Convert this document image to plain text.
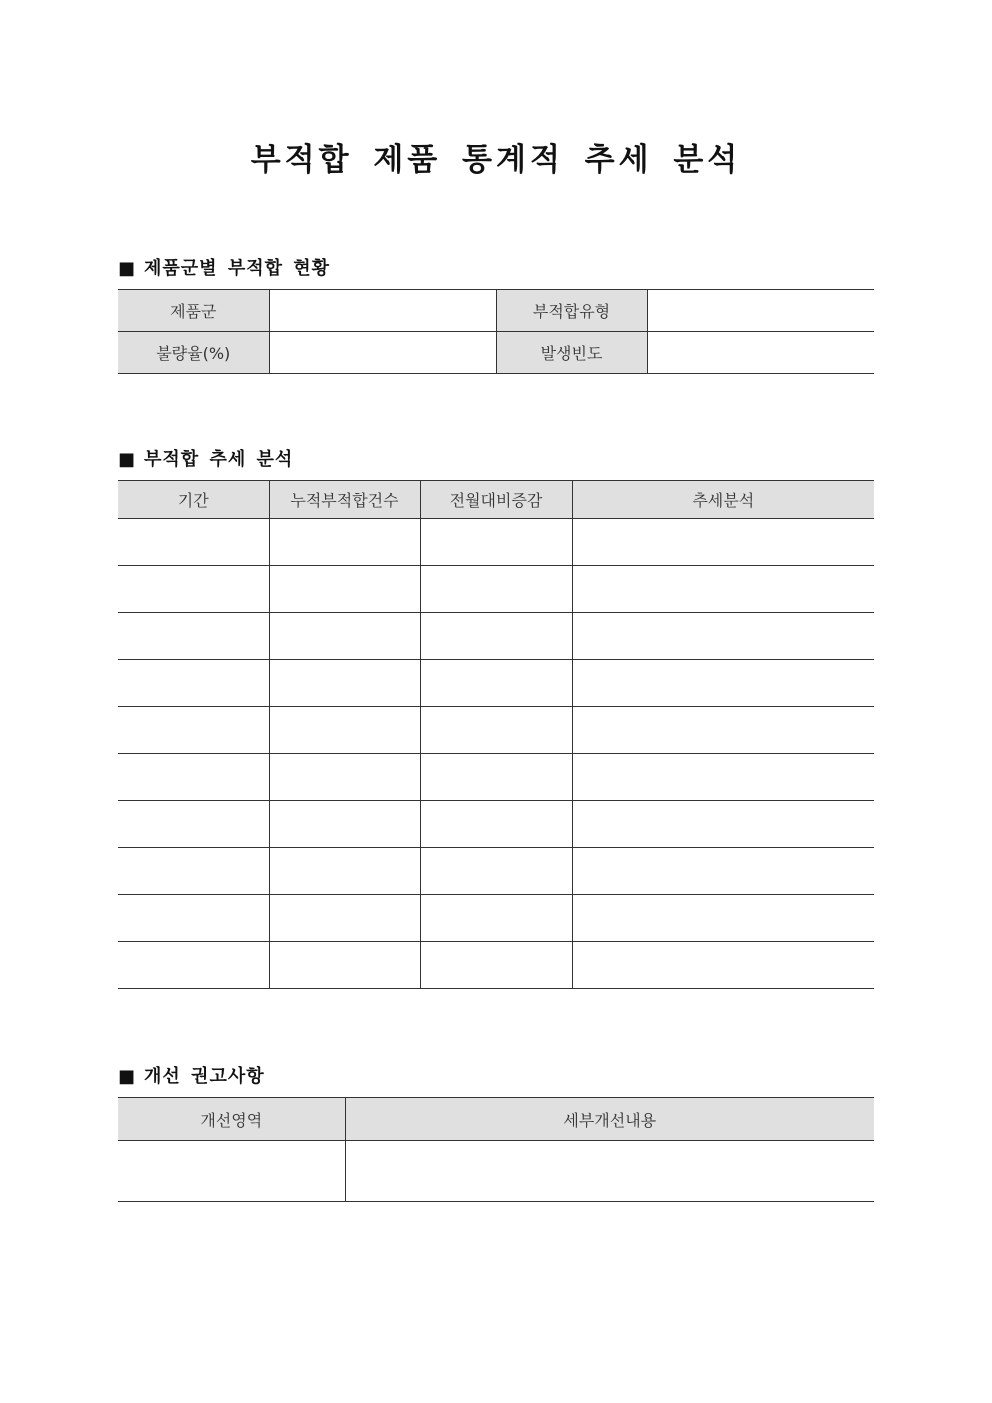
부적합 제품 통계적 추세 분석
■ 제품군별 부적합 현황
제품군		부적합유형	
불량율(%)		발생빈도	
■ 부적합 추세 분석
기간	누적부적합건수	전월대비증감	추세분석

■ 개선 권고사항
개선영역	세부개선내용
